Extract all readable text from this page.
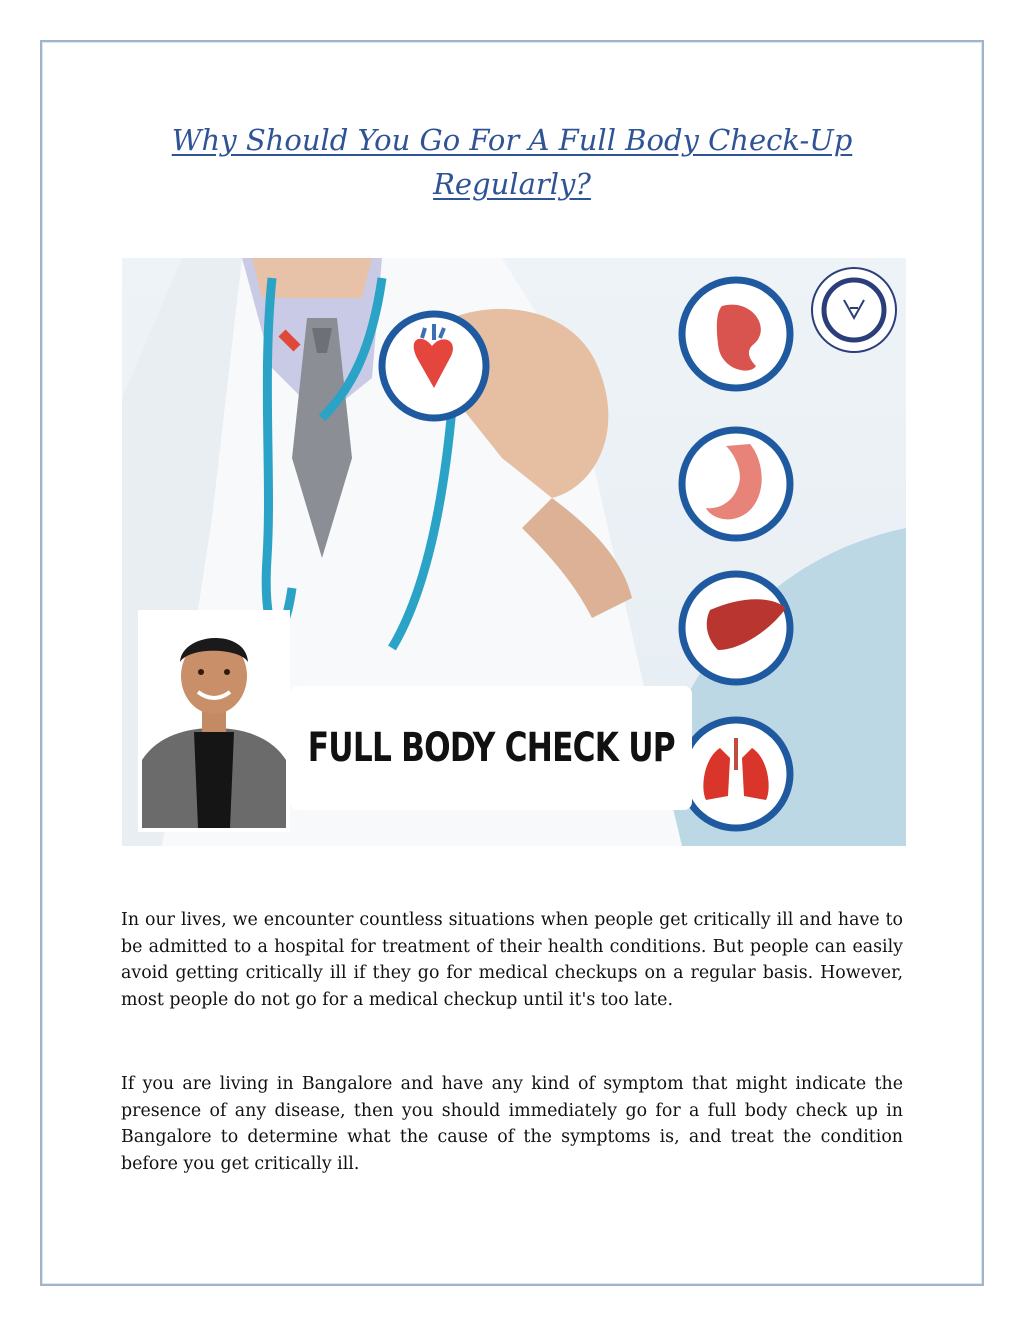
Why Should You Go For A Full Body Check-Up
Regularly?
FULL BODY CHECK UP

In our lives, we encounter countless situations when people get critically ill and have to be admitted to a hospital for treatment of their health conditions. But people can easily avoid getting critically ill if they go for medical checkups on a regular basis. However, most people do not go for a medical checkup until it's too late.

If you are living in Bangalore and have any kind of symptom that might indicate the presence of any disease, then you should immediately go for a full body check up in Bangalore to determine what the cause of the symptoms is, and treat the condition before you get critically ill.
